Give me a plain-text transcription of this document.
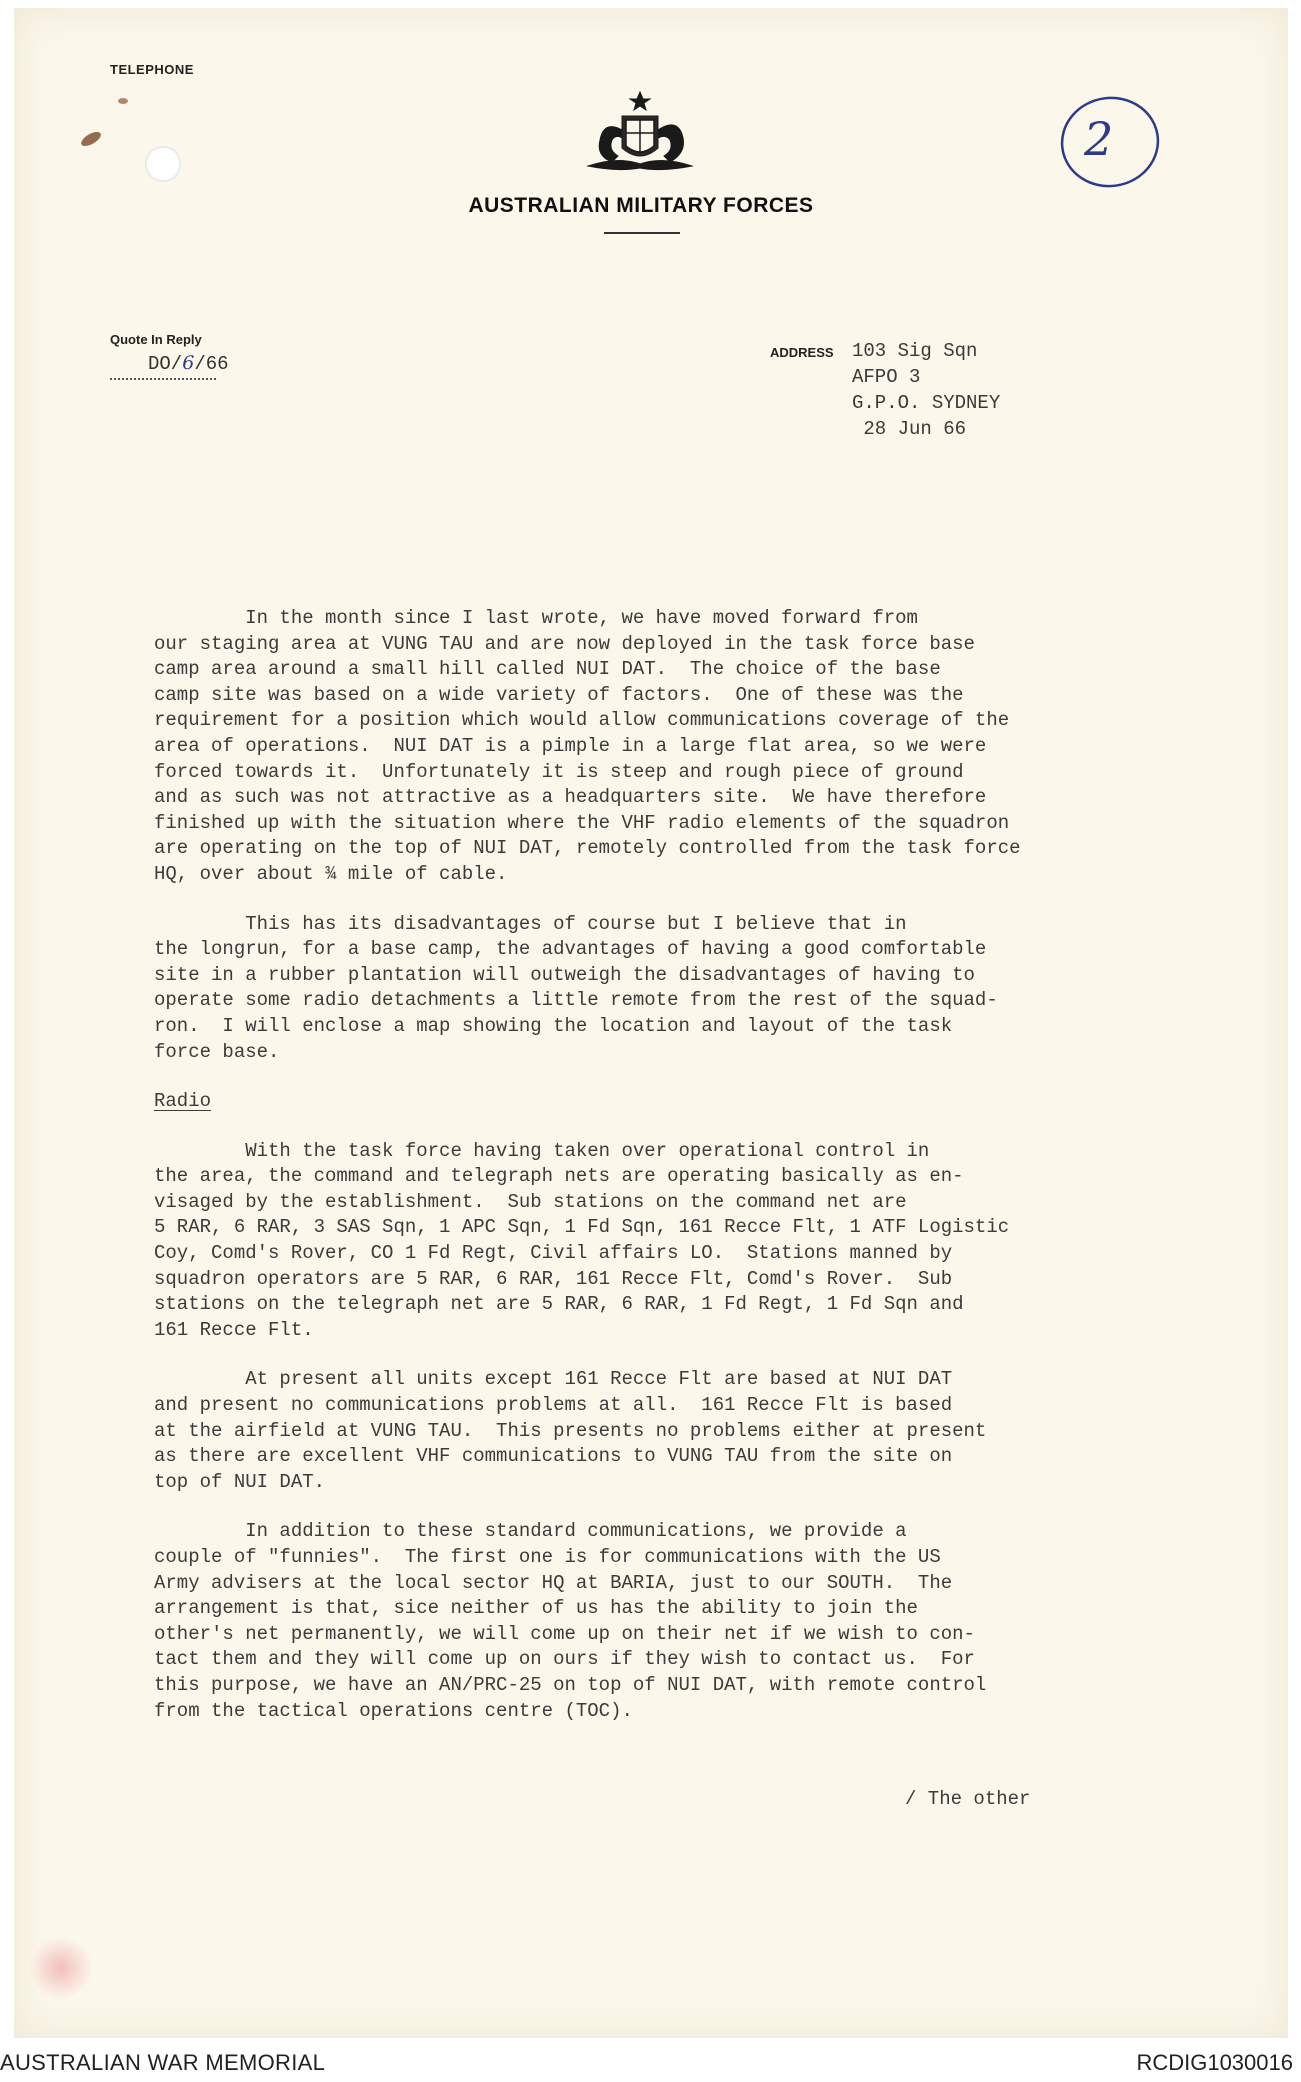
TELEPHONE
AUSTRALIAN MILITARY FORCES
2
Quote In Reply
DO/6/66
ADDRESS 103 Sig Sqn
AFPO 3
G.P.O. SYDNEY
28 Jun 66

In the month since I last wrote, we have moved forward from

our staging area at VUNG TAU and are now deployed in the task force base

camp area around a small hill called NUI DAT.  The choice of the base

camp site was based on a wide variety of factors.  One of these was the

requirement for a position which would allow communications coverage of the

area of operations.  NUI DAT is a pimple in a large flat area, so we were

forced towards it.  Unfortunately it is steep and rough piece of ground

and as such was not attractive as a headquarters site.  We have therefore

finished up with the situation where the VHF radio elements of the squadron

are operating on the top of NUI DAT, remotely controlled from the task force

HQ, over about ¾ mile of cable.

This has its disadvantages of course but I believe that in

the longrun, for a base camp, the advantages of having a good comfortable

site in a rubber plantation will outweigh the disadvantages of having to

operate some radio detachments a little remote from the rest of the squad-

ron.  I will enclose a map showing the location and layout of the task

force base.

Radio

With the task force having taken over operational control in

the area, the command and telegraph nets are operating basically as en-

visaged by the establishment.  Sub stations on the command net are

5 RAR, 6 RAR, 3 SAS Sqn, 1 APC Sqn, 1 Fd Sqn, 161 Recce Flt, 1 ATF Logistic

Coy, Comd's Rover, CO 1 Fd Regt, Civil affairs LO.  Stations manned by

squadron operators are 5 RAR, 6 RAR, 161 Recce Flt, Comd's Rover.  Sub

stations on the telegraph net are 5 RAR, 6 RAR, 1 Fd Regt, 1 Fd Sqn and

161 Recce Flt.

At present all units except 161 Recce Flt are based at NUI DAT

and present no communications problems at all.  161 Recce Flt is based

at the airfield at VUNG TAU.  This presents no problems either at present

as there are excellent VHF communications to VUNG TAU from the site on

top of NUI DAT.

In addition to these standard communications, we provide a

couple of "funnies".  The first one is for communications with the US

Army advisers at the local sector HQ at BARIA, just to our SOUTH.  The

arrangement is that, sice neither of us has the ability to join the

other's net permanently, we will come up on their net if we wish to con-

tact them and they will come up on ours if they wish to contact us.  For

this purpose, we have an AN/PRC-25 on top of NUI DAT, with remote control

from the tactical operations centre (TOC).

/ The other
AUSTRALIAN WAR MEMORIAL	RCDIG1030016
